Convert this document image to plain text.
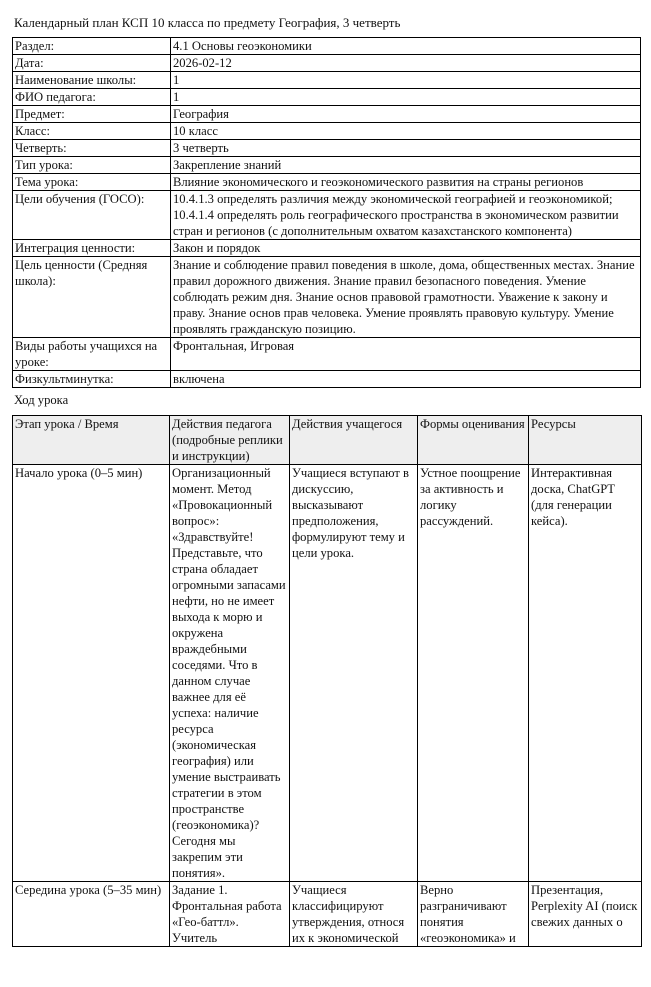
Календарный план КСП 10 класса по предмету География, 3 четверть
Раздел:	4.1 Основы геоэкономики
Дата:	2026-02-12
Наименование школы:	1
ФИО педагога:	1
Предмет:	География
Класс:	10 класс
Четверть:	3 четверть
Тип урока:	Закрепление знаний
Тема урока:	Влияние экономического и геоэкономического развития на страны регионов
Цели обучения (ГОСО):	10.4.1.3 определять различия между экономической географией и геоэкономикой; 10.4.1.4 определять роль географического пространства в экономическом развитии стран и регионов (с дополнительным охватом казахстанского компонента)
Интеграция ценности:	Закон и порядок
Цель ценности (Средняя школа):	Знание и соблюдение правил поведения в школе, дома, общественных местах. Знание правил дорожного движения. Знание правил безопасного поведения. Умение соблюдать режим дня. Знание основ правовой грамотности. Уважение к закону и праву. Знание основ прав человека. Умение проявлять правовую культуру. Умение проявлять гражданскую позицию.
Виды работы учащихся на уроке:	Фронтальная, Игровая
Физкультминутка:	включена
Ход урока
Этап урока / Время	Действия педагога (подробные реплики и инструкции)	Действия учащегося	Формы оценивания	Ресурсы
Начало урока (0–5 мин)	Организационный момент. Метод «Провокационный вопрос»: «Здравствуйте! Представьте, что страна обладает огромными запасами нефти, но не имеет выхода к морю и окружена враждебными соседями. Что в данном случае важнее для её успеха: наличие ресурса (экономическая география) или умение выстраивать стратегии в этом пространстве (геоэкономика)? Сегодня мы закрепим эти понятия».	Учащиеся вступают в дискуссию, высказывают предположения, формулируют тему и цели урока.	Устное поощрение за активность и логику рассуждений.	Интерактивная доска, ChatGPT (для генерации кейса).
Середина урока (5–35 мин)	Задание 1. Фронтальная работа «Гео-баттл». Учитель	Учащиеся классифицируют утверждения, относя их к экономической	Верно разграничивают понятия «геоэкономика» и	Презентация, Perplexity AI (поиск свежих данных о
